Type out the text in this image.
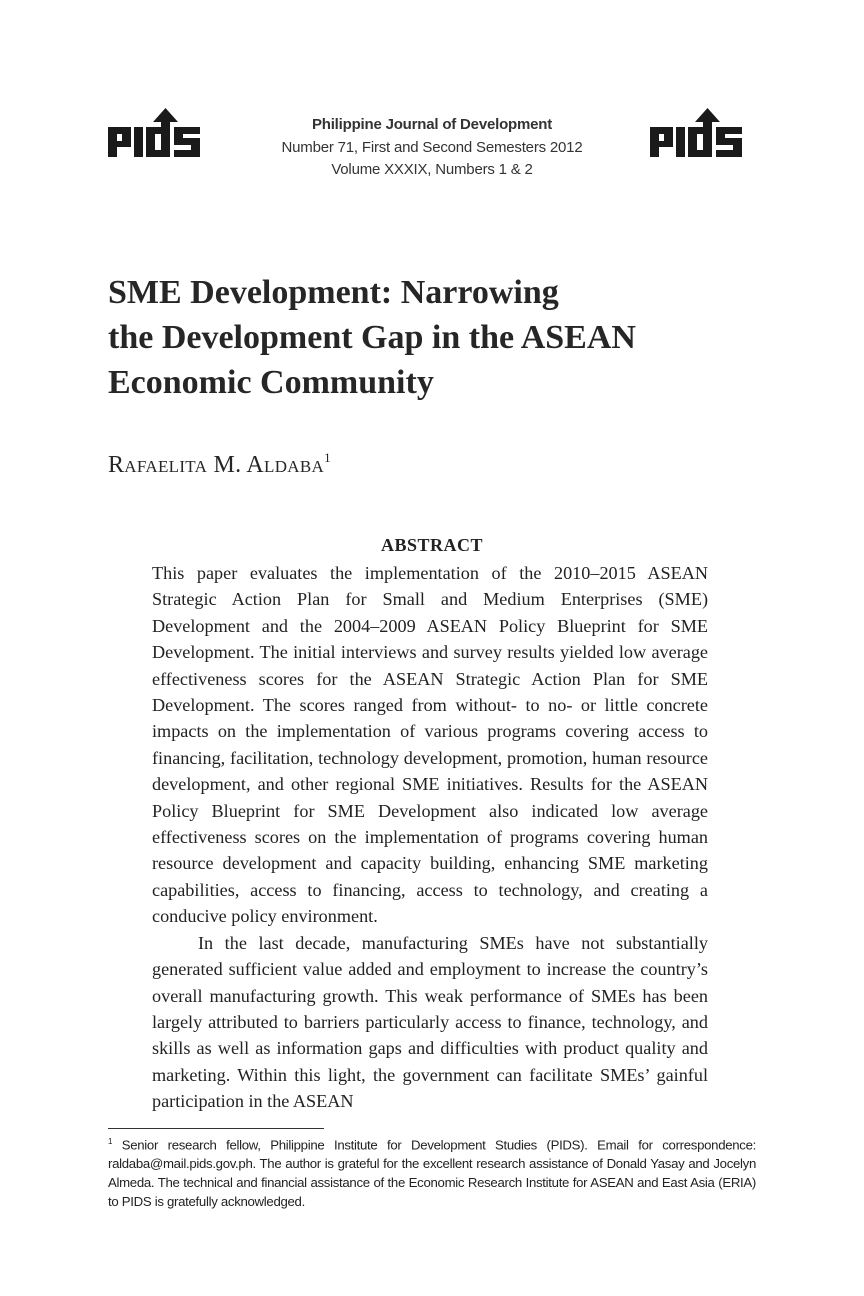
Philippine Journal of Development
Number 71, First and Second Semesters 2012
Volume XXXIX, Numbers 1 & 2
SME Development: Narrowing
the Development Gap in the ASEAN
Economic Community
Rafaelita M. Aldaba$^1$
ABSTRACT

This paper evaluates the implementation of the 2010–2015 ASEAN Strategic Action Plan for Small and Medium Enterprises (SME) Development and the 2004–2009 ASEAN Policy Blueprint for SME Development. The initial interviews and survey results yielded low average effectiveness scores for the ASEAN Strategic Action Plan for SME Development. The scores ranged from without- to no- or little concrete impacts on the implementation of various programs covering access to financing, facilitation, technology development, promotion, human resource development, and other regional SME initiatives. Results for the ASEAN Policy Blueprint for SME Development also indicated low average effectiveness scores on the implementation of programs covering human resource development and capacity building, enhancing SME marketing capabilities, access to financing, access to technology, and creating a conducive policy environment.

In the last decade, manufacturing SMEs have not substantially generated sufficient value added and employment to increase the country’s overall manufacturing growth. This weak performance of SMEs has been largely attributed to barriers particularly access to finance, technology, and skills as well as information gaps and difficulties with product quality and marketing. Within this light, the government can facilitate SMEs’ gainful participation in the ASEAN

$^1$ Senior research fellow, Philippine Institute for Development Studies (PIDS). Email for correspondence: raldaba@mail.pids.gov.ph. The author is grateful for the excellent research assistance of Donald Yasay and Jocelyn Almeda. The technical and financial assistance of the Economic Research Institute for ASEAN and East Asia (ERIA) to PIDS is gratefully acknowledged.
